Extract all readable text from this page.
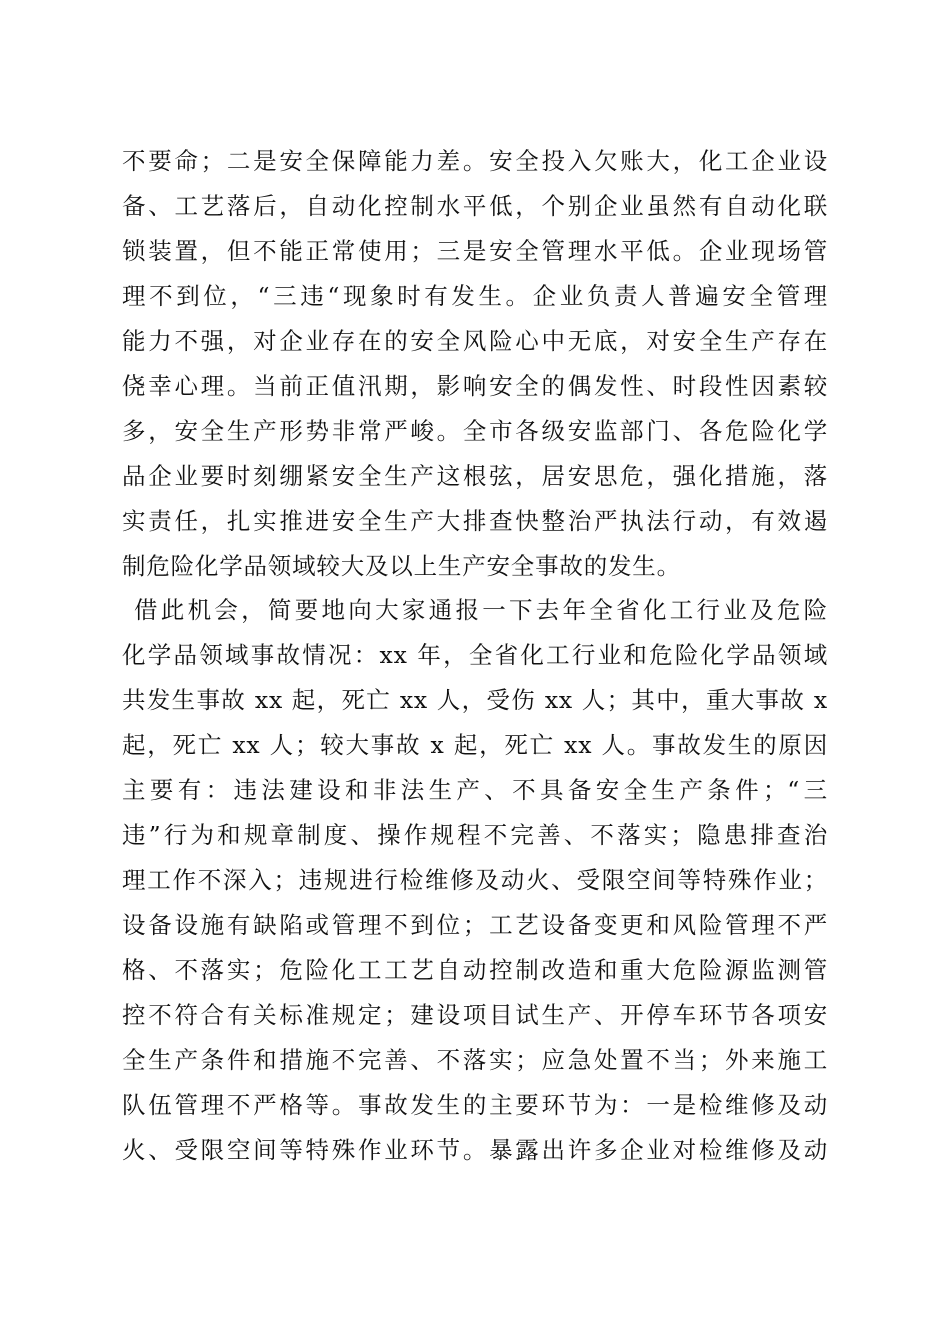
不要命；二是安全保障能力差。安全投入欠账大，化工企业设
备、工艺落后，自动化控制水平低，个别企业虽然有自动化联
锁装置，但不能正常使用；三是安全管理水平低。企业现场管
理不到位，“三违“现象时有发生。企业负责人普遍安全管理
能力不强，对企业存在的安全风险心中无底，对安全生产存在
侥幸心理。当前正值汛期，影响安全的偶发性、时段性因素较
多，安全生产形势非常严峻。全市各级安监部门、各危险化学
品企业要时刻绷紧安全生产这根弦，居安思危，强化措施，落
实责任，扎实推进安全生产大排查快整治严执法行动，有效遏
制危险化学品领域较大及以上生产安全事故的发生。
借此机会，简要地向大家通报一下去年全省化工行业及危险
化学品领域事故情况：xx 年，全省化工行业和危险化学品领域
共发生事故 xx 起，死亡 xx 人，受伤 xx 人；其中，重大事故 x
起，死亡 xx 人；较大事故 x 起，死亡 xx 人。事故发生的原因
主要有：违法建设和非法生产、不具备安全生产条件；“三
违”行为和规章制度、操作规程不完善、不落实；隐患排查治
理工作不深入；违规进行检维修及动火、受限空间等特殊作业；
设备设施有缺陷或管理不到位；工艺设备变更和风险管理不严
格、不落实；危险化工工艺自动控制改造和重大危险源监测管
控不符合有关标准规定；建设项目试生产、开停车环节各项安
全生产条件和措施不完善、不落实；应急处置不当；外来施工
队伍管理不严格等。事故发生的主要环节为：一是检维修及动
火、受限空间等特殊作业环节。暴露出许多企业对检维修及动
